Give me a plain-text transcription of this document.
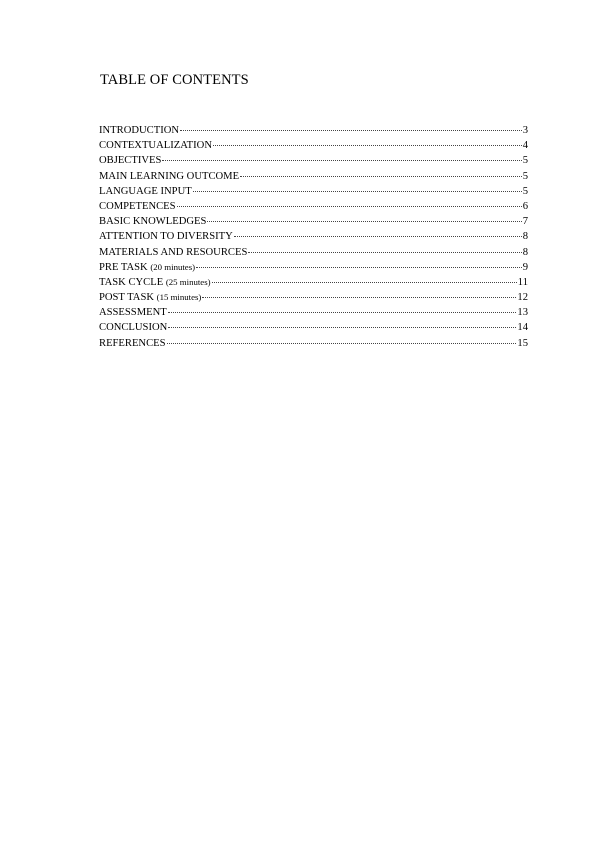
TABLE OF CONTENTS
INTRODUCTION	3
CONTEXTUALIZATION	4
OBJECTIVES	5
MAIN LEARNING OUTCOME	5
LANGUAGE INPUT	5
COMPETENCES	6
BASIC KNOWLEDGES	7
ATTENTION TO DIVERSITY	8
MATERIALS AND RESOURCES	8
PRE TASK (20 minutes)	9
TASK CYCLE (25 minutes)	11
POST TASK (15 minutes)	12
ASSESSMENT	13
CONCLUSION	14
REFERENCES	15
